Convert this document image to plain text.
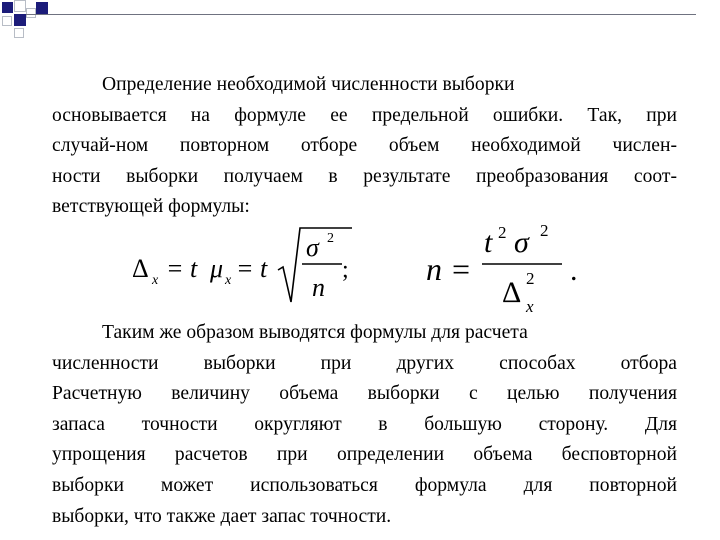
Определение необходимой численности выборки
основывается на формуле ее предельной ошибки. Так, при
случай-ном повторном отборе объем необходимой числен-
ности выборки получаем в результате преобразования соот-
ветствующей формулы:
Δ x = t μ x = t
σ 2
n
; n =
t 2 σ 2
Δ 2
x
.
Таким же образом выводятся формулы для расчета
численности выборки при других способах отбора
Расчетную величину объема выборки с целью получения
запаса точности округляют в большую сторону. Для
упрощения расчетов при определении объема бесповторной
выборки может использоваться формула для повторной
выборки, что также дает запас точности.
